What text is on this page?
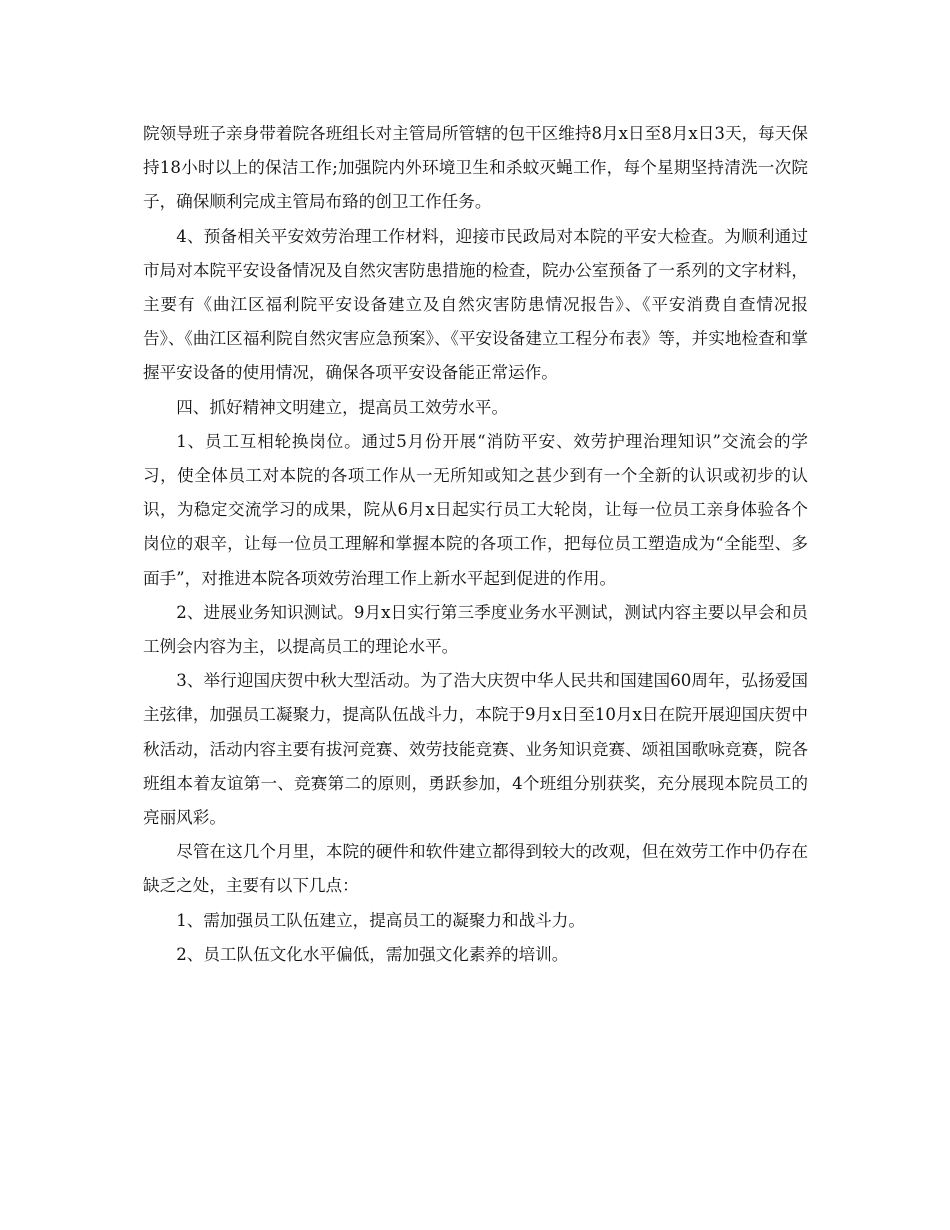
院领导班子亲身带着院各班组长对主管局所管辖的包干区维持8月x日至8月x日3天，每天保持18小时以上的保洁工作;加强院内外环境卫生和杀蚊灭蝇工作，每个星期坚持清洗一次院子，确保顺利完成主管局布臵的创卫工作任务。

4、预备相关平安效劳治理工作材料，迎接市民政局对本院的平安大检查。为顺利通过市局对本院平安设备情况及自然灾害防患措施的检查，院办公室预备了一系列的文字材料，主要有《曲江区福利院平安设备建立及自然灾害防患情况报告》、《平安消费自查情况报告》、《曲江区福利院自然灾害应急预案》、《平安设备建立工程分布表》等，并实地检查和掌握平安设备的使用情况，确保各项平安设备能正常运作。

四、抓好精神文明建立，提高员工效劳水平。

1、员工互相轮换岗位。通过5月份开展“消防平安、效劳护理治理知识”交流会的学习，使全体员工对本院的各项工作从一无所知或知之甚少到有一个全新的认识或初步的认识，为稳定交流学习的成果，院从6月x日起实行员工大轮岗，让每一位员工亲身体验各个岗位的艰辛，让每一位员工理解和掌握本院的各项工作，把每位员工塑造成为“全能型、多面手”，对推进本院各项效劳治理工作上新水平起到促进的作用。

2、进展业务知识测试。9月x日实行第三季度业务水平测试，测试内容主要以早会和员工例会内容为主，以提高员工的理论水平。

3、举行迎国庆贺中秋大型活动。为了浩大庆贺中华人民共和国建国60周年，弘扬爱国主弦律，加强员工凝聚力，提高队伍战斗力，本院于9月x日至10月x日在院开展迎国庆贺中秋活动，活动内容主要有拔河竞赛、效劳技能竞赛、业务知识竞赛、颂祖国歌咏竞赛，院各班组本着友谊第一、竞赛第二的原则，勇跃参加，4个班组分别获奖，充分展现本院员工的亮丽风彩。

尽管在这几个月里，本院的硬件和软件建立都得到较大的改观，但在效劳工作中仍存在缺乏之处，主要有以下几点：

1、需加强员工队伍建立，提高员工的凝聚力和战斗力。

2、员工队伍文化水平偏低，需加强文化素养的培训。
